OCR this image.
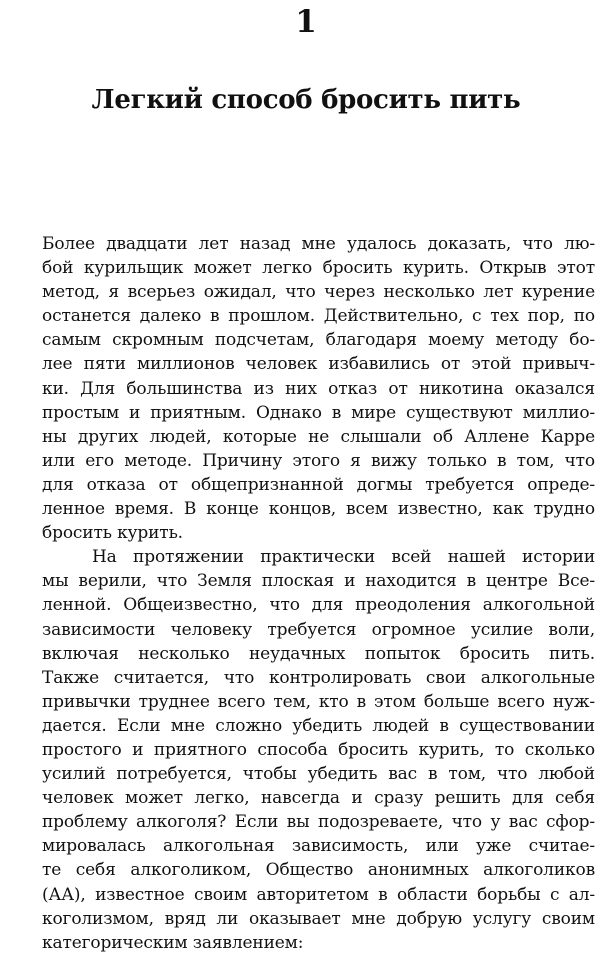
1
Легкий способ бросить пить
Более двадцати лет назад мне удалось доказать, что лю-
бой курильщик может легко бросить курить. Открыв этот
метод, я всерьез ожидал, что через несколько лет курение
останется далеко в прошлом. Действительно, с тех пор, по
самым скромным подсчетам, благодаря моему методу бо-
лее пяти миллионов человек избавились от этой привыч-
ки. Для большинства из них отказ от никотина оказался
простым и приятным. Однако в мире существуют миллио-
ны других людей, которые не слышали об Аллене Карре
или его методе. Причину этого я вижу только в том, что
для отказа от общепризнанной догмы требуется опреде-
ленное время. В конце концов, всем известно, как трудно
бросить курить.
На протяжении практически всей нашей истории
мы верили, что Земля плоская и находится в центре Все-
ленной. Общеизвестно, что для преодоления алкогольной
зависимости человеку требуется огромное усилие воли,
включая несколько неудачных попыток бросить пить.
Также считается, что контролировать свои алкогольные
привычки труднее всего тем, кто в этом больше всего нуж-
дается. Если мне сложно убедить людей в существовании
простого и приятного способа бросить курить, то сколько
усилий потребуется, чтобы убедить вас в том, что любой
человек может легко, навсегда и сразу решить для себя
проблему алкоголя? Если вы подозреваете, что у вас сфор-
мировалась алкогольная зависимость, или уже считае-
те себя алкоголиком, Общество анонимных алкоголиков
(АА), известное своим авторитетом в области борьбы с ал-
коголизмом, вряд ли оказывает мне добрую услугу своим
категорическим заявлением:
